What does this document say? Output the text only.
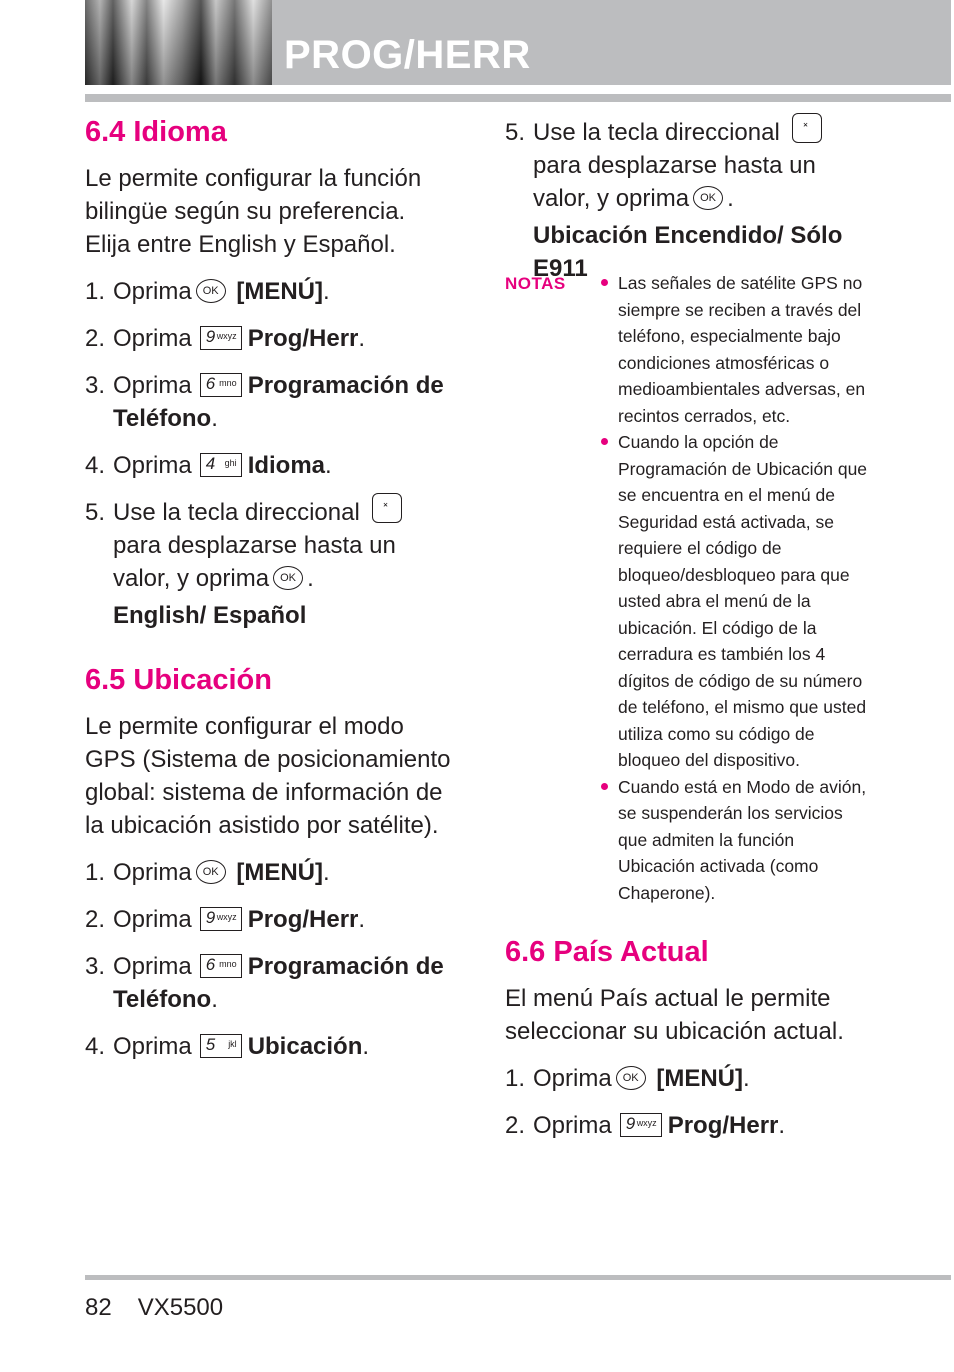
PROG/HERR
6.4 Idioma

Le permite configurar la función bilingüe según su preferencia. Elija entre English y Español.

1. Oprima OK [MENÚ].
2. Oprima 9 wxyz Prog/Herr.
3. Oprima 6 mno Programación de Teléfono.
4. Oprima 4 ghi Idioma.
5. Use la tecla direccional⌃ ⌄ para desplazarse hasta un valor, y oprima OK .
English/ Español
6.5 Ubicación

Le permite configurar el modo GPS (Sistema de posicionamiento global: sistema de información de la ubicación asistido por satélite).

1. Oprima OK [MENÚ].
2. Oprima 9 wxyz Prog/Herr.
3. Oprima 6 mno Programación de Teléfono.
4. Oprima 5 jkl Ubicación.
5. Use la tecla direccional⌃ ⌄ para desplazarse hasta un valor, y oprima OK .
Ubicación Encendido/ Sólo E911
NOTAS	Las señales de satélite GPS no siempre se reciben a través del teléfono, especialmente bajo condiciones atmosféricas o medioambientales adversas, en recintos cerrados, etc.
Cuando la opción de Programación de Ubicación que se encuentra en el menú de Seguridad está activada, se requiere el código de bloqueo/desbloqueo para que usted abra el menú de la ubicación. El código de la cerradura es también los 4 dígitos de código de su número de teléfono, el mismo que usted utiliza como su código de bloqueo del dispositivo.
Cuando está en Modo de avión, se suspenderán los servicios que admiten la función Ubicación activada (como Chaperone).
6.6 País Actual

El menú País actual le permite seleccionar su ubicación actual.

1. Oprima OK [MENÚ].
2. Oprima 9 wxyz Prog/Herr.
82 VX5500
